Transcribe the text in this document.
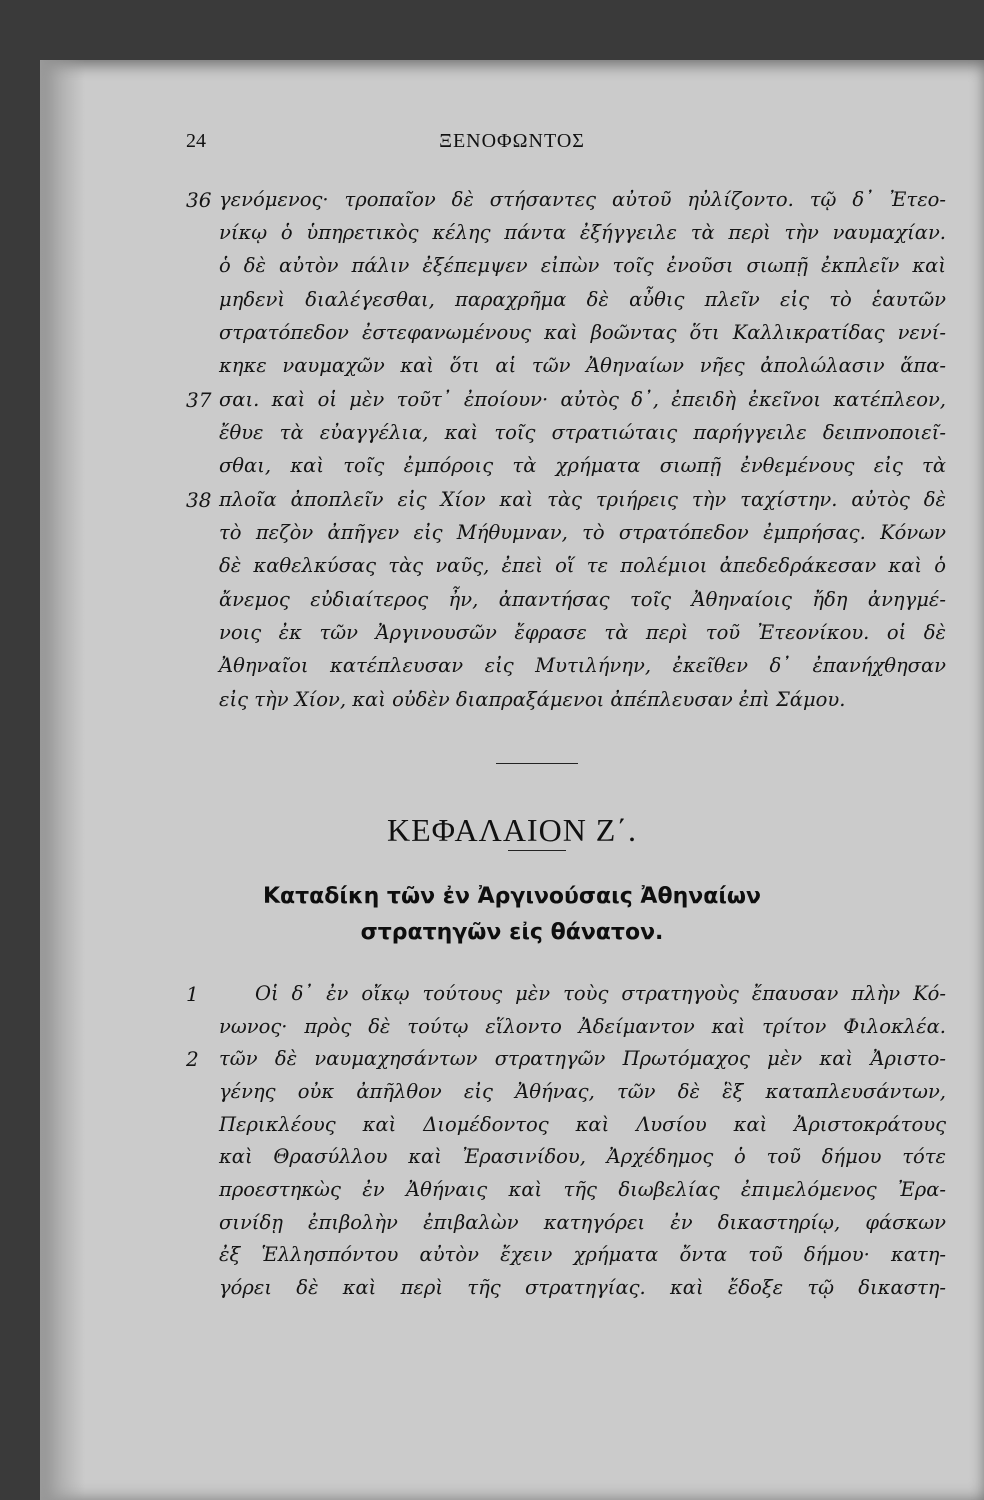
24	ΞΕΝΟΦΩΝΤΟΣ
36
37
38
γενόμενος· τροπαῖον δὲ στήσαντες αὐτοῦ ηὐλίζοντο. τῷ δ᾽ Ἐτεο-
νίκῳ ὁ ὑπηρετικὸς κέλης πάντα ἐξήγγειλε τὰ περὶ τὴν ναυμαχίαν.
ὁ δὲ αὐτὸν πάλιν ἐξέπεμψεν εἰπὼν τοῖς ἐνοῦσι σιωπῇ ἐκπλεῖν καὶ
μηδενὶ διαλέγεσθαι, παραχρῆμα δὲ αὖθις πλεῖν εἰς τὸ ἑαυτῶν
στρατόπεδον ἐστεφανωμένους καὶ βοῶντας ὅτι Καλλικρατίδας νενί-
κηκε ναυμαχῶν καὶ ὅτι αἱ τῶν Ἀθηναίων νῆες ἀπολώλασιν ἅπα-
σαι. καὶ οἱ μὲν τοῦτ᾽ ἐποίουν· αὐτὸς δ᾽, ἐπειδὴ ἐκεῖνοι κατέπλεον,
ἔθυε τὰ εὐαγγέλια, καὶ τοῖς στρατιώταις παρήγγειλε δειπνοποιεῖ-
σθαι, καὶ τοῖς ἐμπόροις τὰ χρήματα σιωπῇ ἐνθεμένους εἰς τὰ
πλοῖα ἀποπλεῖν εἰς Χίον καὶ τὰς τριήρεις τὴν ταχίστην. αὐτὸς δὲ
τὸ πεζὸν ἀπῆγεν εἰς Μήθυμναν, τὸ στρατόπεδον ἐμπρήσας. Κόνων
δὲ καθελκύσας τὰς ναῦς, ἐπεὶ οἵ τε πολέμιοι ἀπεδεδράκεσαν καὶ ὁ
ἄνεμος εὐδιαίτερος ἦν, ἀπαντήσας τοῖς Ἀθηναίοις ἤδη ἀνηγμέ-
νοις ἐκ τῶν Ἀργινουσῶν ἔφρασε τὰ περὶ τοῦ Ἐτεονίκου. οἱ δὲ
Ἀθηναῖοι κατέπλευσαν εἰς Μυτιλήνην, ἐκεῖθεν δ᾽ ἐπανήχθησαν
εἰς τὴν Χίον, καὶ οὐδὲν διαπραξάμενοι ἀπέπλευσαν ἐπὶ Σάμου.
ΚΕΦΑΛΑΙΟΝ Ζ΄.
Καταδίκη τῶν ἐν Ἀργινούσαις Ἀθηναίων
στρατηγῶν εἰς θάνατον.
1
2
Οἱ δ᾽ ἐν οἴκῳ τούτους μὲν τοὺς στρατηγοὺς ἔπαυσαν πλὴν Κό-
νωνος· πρὸς δὲ τούτῳ εἵλοντο Ἀδείμαντον καὶ τρίτον Φιλοκλέα.
τῶν δὲ ναυμαχησάντων στρατηγῶν Πρωτόμαχος μὲν καὶ Ἀριστο-
γένης οὐκ ἀπῆλθον εἰς Ἀθήνας, τῶν δὲ ἓξ καταπλευσάντων,
Περικλέους καὶ Διομέδοντος καὶ Λυσίου καὶ Ἀριστοκράτους
καὶ Θρασύλλου καὶ Ἐρασινίδου, Ἀρχέδημος ὁ τοῦ δήμου τότε
προεστηκὼς ἐν Ἀθήναις καὶ τῆς διωβελίας ἐπιμελόμενος Ἐρα-
σινίδῃ ἐπιβολὴν ἐπιβαλὼν κατηγόρει ἐν δικαστηρίῳ, φάσκων
ἐξ Ἑλλησπόντου αὐτὸν ἔχειν χρήματα ὄντα τοῦ δήμου· κατη-
γόρει δὲ καὶ περὶ τῆς στρατηγίας. καὶ ἔδοξε τῷ δικαστη-
